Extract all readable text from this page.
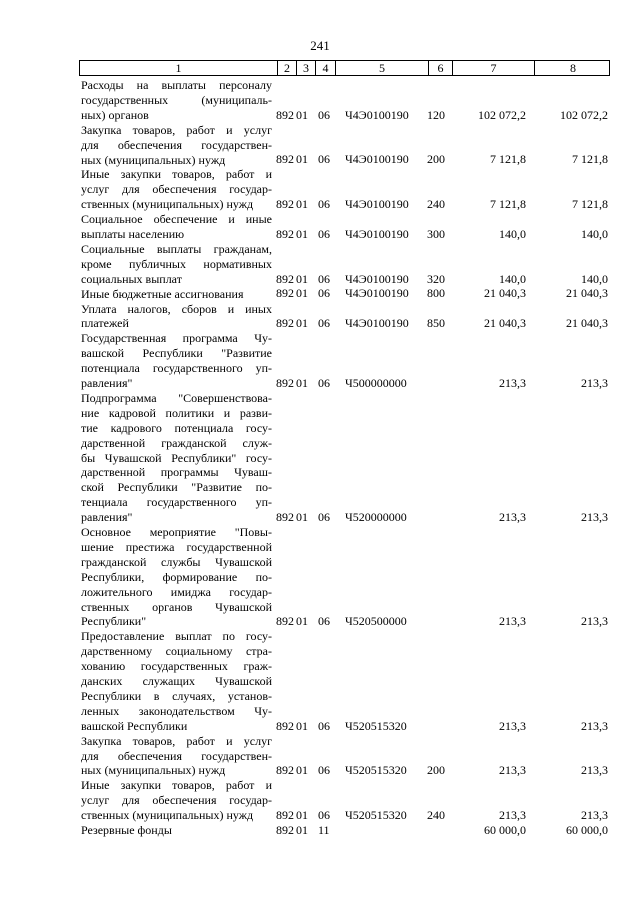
241
1	2	3	4	5	6	7	8
Расходы на выплаты персоналу
государственных (муниципаль-
ных) органов	892 01 06 Ч4Э0100190 120	102 072,2	102 072,2
Закупка товаров, работ и услуг
для обеспечения государствен-
ных (муниципальных) нужд	892 01 06 Ч4Э0100190 200	7 121,8	7 121,8
Иные закупки товаров, работ и
услуг для обеспечения государ-
ственных (муниципальных) нужд	892 01 06 Ч4Э0100190 240	7 121,8	7 121,8
Социальное обеспечение и иные
выплаты населению	892 01 06 Ч4Э0100190 300	140,0	140,0
Социальные выплаты гражданам,
кроме публичных нормативных
социальных выплат	892 01 06 Ч4Э0100190 320	140,0	140,0
Иные бюджетные ассигнования	892 01 06 Ч4Э0100190 800	21 040,3	21 040,3
Уплата налогов, сборов и иных
платежей	892 01 06 Ч4Э0100190 850	21 040,3	21 040,3
Государственная программа Чу-
вашской Республики "Развитие
потенциала государственного уп-
равления"	892 01 06 Ч500000000	213,3	213,3
Подпрограмма "Совершенствова-
ние кадровой политики и разви-
тие кадрового потенциала госу-
дарственной гражданской служ-
бы Чувашской Республики" госу-
дарственной программы Чуваш-
ской Республики "Развитие по-
тенциала государственного уп-
равления"	892 01 06 Ч520000000	213,3	213,3
Основное мероприятие "Повы-
шение престижа государственной
гражданской службы Чувашской
Республики, формирование по-
ложительного имиджа государ-
ственных органов Чувашской
Республики"	892 01 06 Ч520500000	213,3	213,3
Предоставление выплат по госу-
дарственному социальному стра-
хованию государственных граж-
данских служащих Чувашской
Республики в случаях, установ-
ленных законодательством Чу-
вашской Республики	892 01 06 Ч520515320	213,3	213,3
Закупка товаров, работ и услуг
для обеспечения государствен-
ных (муниципальных) нужд	892 01 06 Ч520515320 200	213,3	213,3
Иные закупки товаров, работ и
услуг для обеспечения государ-
ственных (муниципальных) нужд	892 01 06 Ч520515320 240	213,3	213,3
Резервные фонды	892 01 11	60 000,0	60 000,0
